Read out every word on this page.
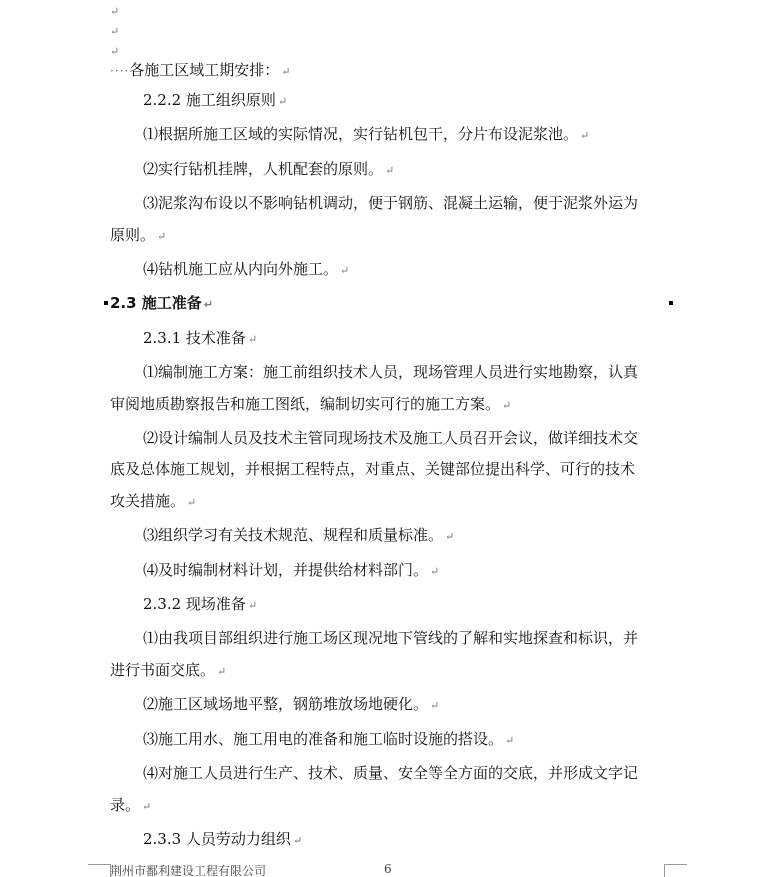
↵
↵
↵
····各施工区域工期安排： ↵
2.2.2 施工组织原则 ↵
⑴根据所施工区域的实际情况，实行钻机包干，分片布设泥浆池。 ↵
⑵实行钻机挂牌，人机配套的原则。 ↵
⑶泥浆沟布设以不影响钻机调动，便于钢筋、混凝土运输，便于泥浆外运为
原则。 ↵
⑷钻机施工应从内向外施工。 ↵
2.3 施工准备 ↵
2.3.1 技术准备 ↵
⑴编制施工方案：施工前组织技术人员，现场管理人员进行实地勘察，认真
审阅地质勘察报告和施工图纸，编制切实可行的施工方案。 ↵
⑵设计编制人员及技术主管同现场技术及施工人员召开会议，做详细技术交
底及总体施工规划，并根据工程特点，对重点、关键部位提出科学、可行的技术
攻关措施。 ↵
⑶组织学习有关技术规范、规程和质量标准。 ↵
⑷及时编制材料计划，并提供给材料部门。 ↵
2.3.2 现场准备 ↵
⑴由我项目部组织进行施工场区现况地下管线的了解和实地探查和标识，并
进行书面交底。 ↵
⑵施工区域场地平整，钢筋堆放场地硬化。 ↵
⑶施工用水、施工用电的准备和施工临时设施的搭设。 ↵
⑷对施工人员进行生产、技术、质量、安全等全方面的交底，并形成文字记
录。 ↵
2.3.3 人员劳动力组织 ↵
荆州市鄱利建设工程有限公司	6
